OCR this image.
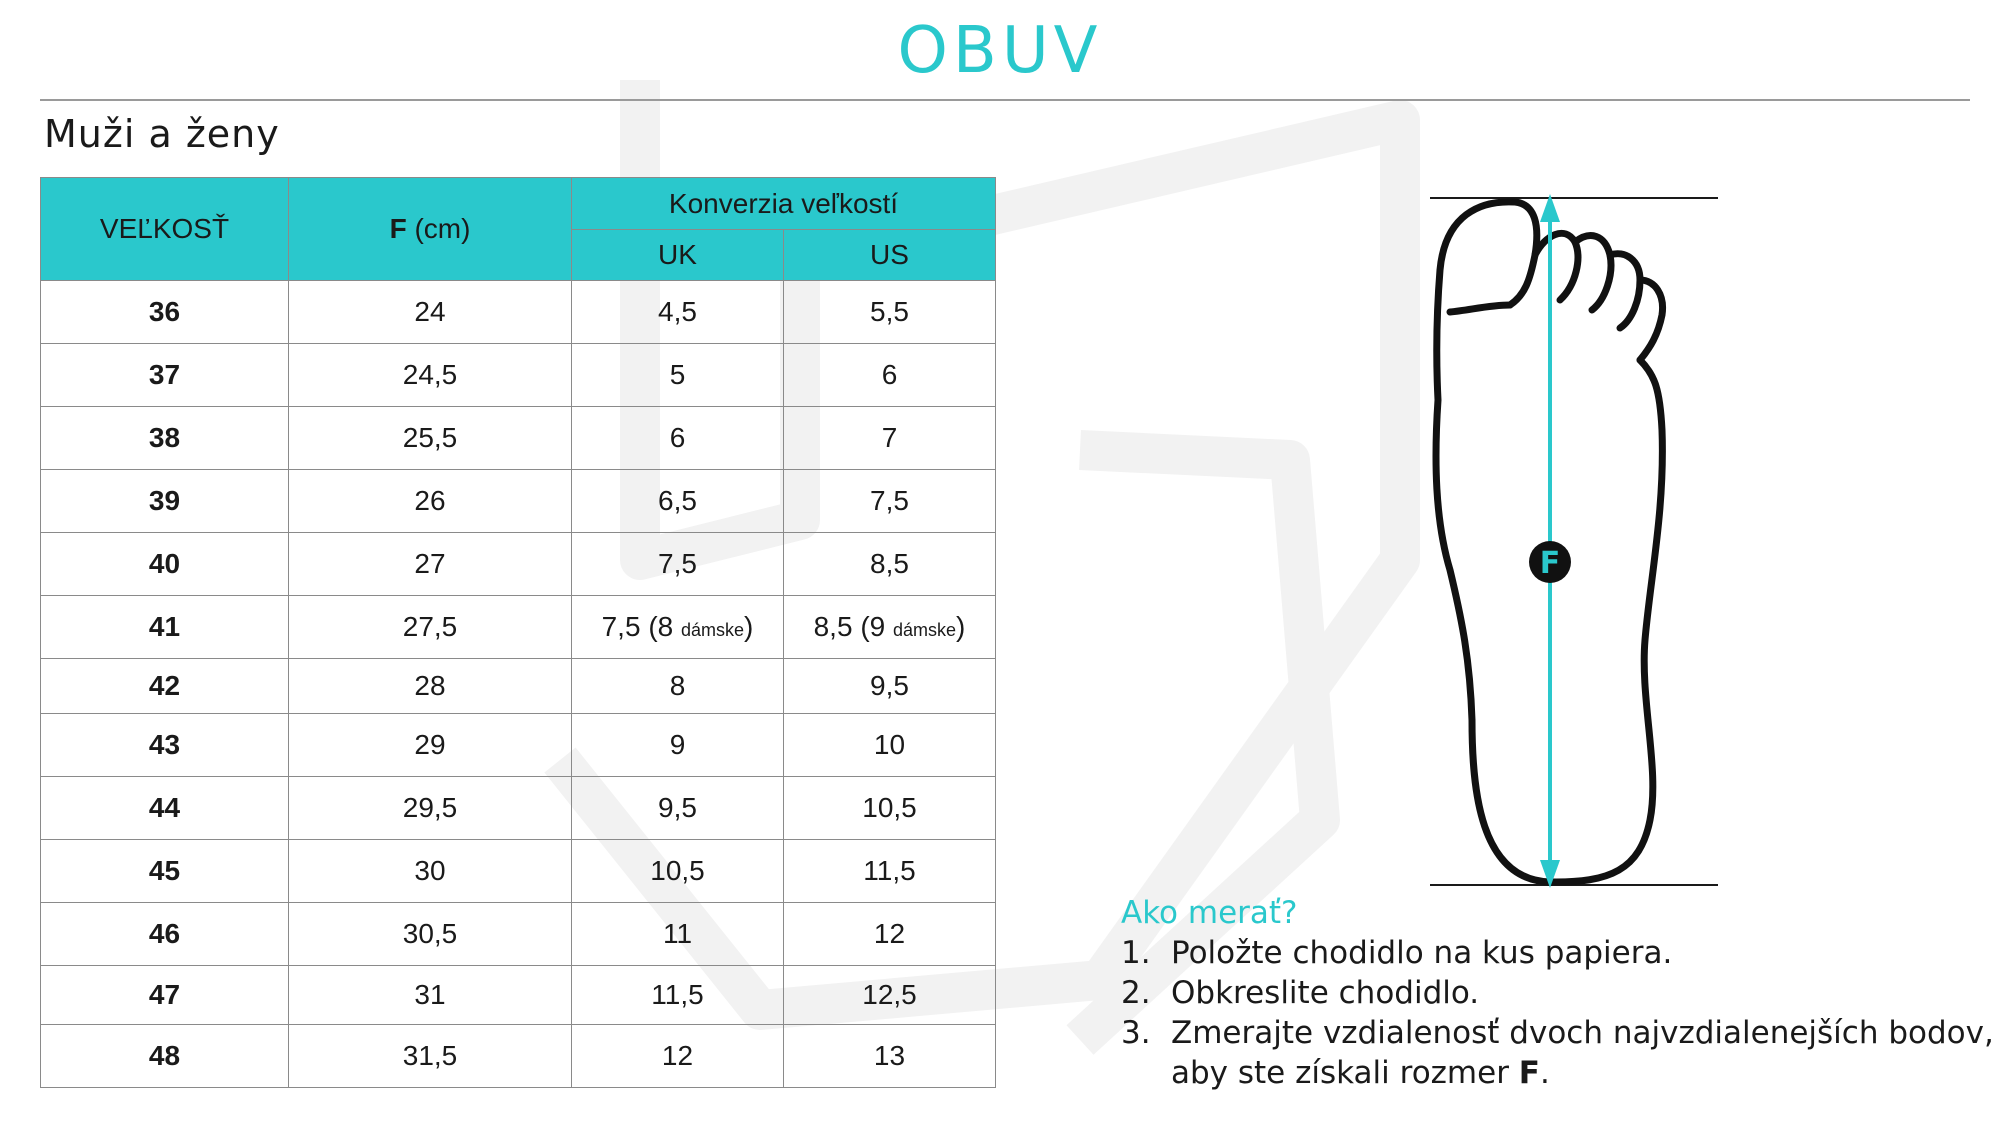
OBUV
Muži a ženy
VEĽKOSŤ	F (cm)	Konverzia veľkostí	
		UK	US
36	24	4,5	5,5
37	24,5	5	6
38	25,5	6	7
39	26	6,5	7,5
40	27	7,5	8,5
41	27,5	7,5 (8 dámske)	8,5 (9 dámske)
42	28	8	9,5
43	29	9	10
44	29,5	9,5	10,5
45	30	10,5	11,5
46	30,5	11	12
47	31	11,5	12,5
48	31,5	12	13
F
Ako merať?
1. Položte chodidlo na kus papiera.
2. Obkreslite chodidlo.
3. Zmerajte vzdialenosť dvoch najvzdialenejších bodov, aby ste získali rozmer F.
